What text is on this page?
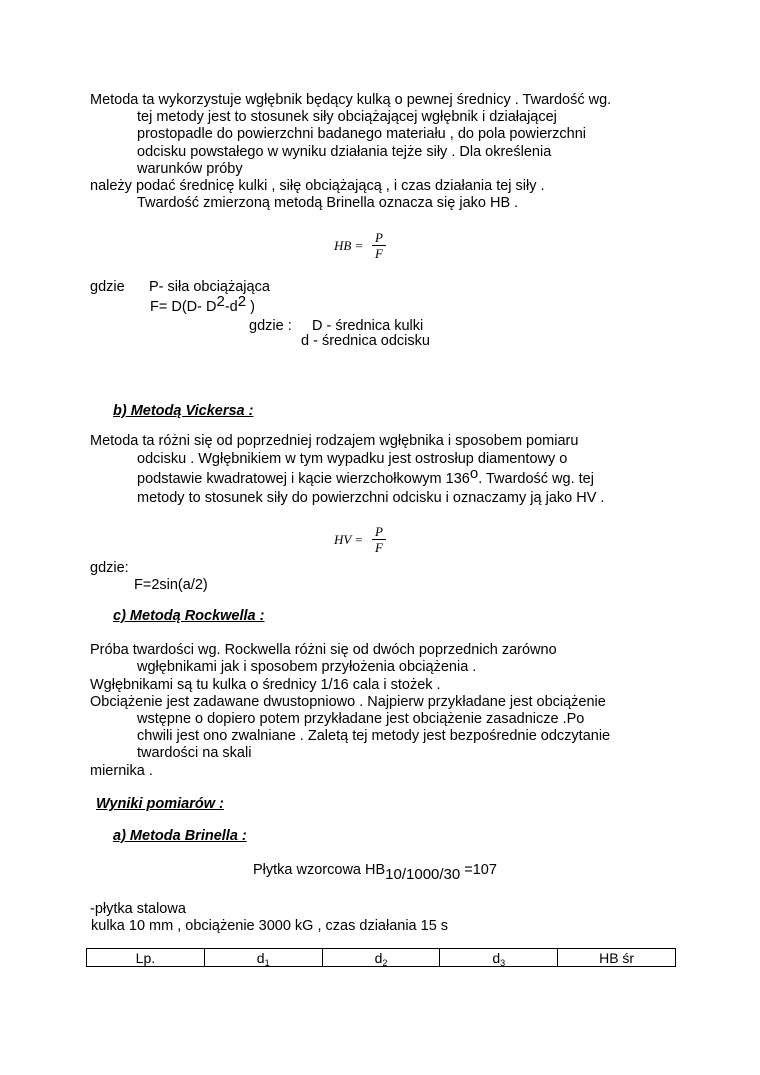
Metoda ta wykorzystuje wgłębnik będący kulką o pewnej średnicy . Twardość wg.
tej metody jest to stosunek siły obciążającej wgłębnik i działającej
prostopadle do powierzchni badanego materiału , do pola powierzchni
odcisku powstałego w wyniku działania tejże siły . Dla określenia
warunków próby
należy podać średnicę kulki , siłę obciążającą , i czas działania tej siły .
Twardość zmierzoną metodą Brinella oznacza się jako HB .
HB = $\frac{P}{F}$
gdzie P- siła obciążająca
F= D(D- $D^2-d^2$ )
gdzie : D - średnica kulki
d - średnica odcisku
b) Metodą Vickersa :
Metoda ta różni się od poprzedniej rodzajem wgłębnika i sposobem pomiaru
odcisku . Wgłębnikiem w tym wypadku jest ostrosłup diamentowy o
podstawie kwadratowej i kącie wierzchołkowym 136$^o$. Twardość wg. tej
metody to stosunek siły do powierzchni odcisku i oznaczamy ją jako HV .
HV = $\frac{P}{F}$
gdzie:
F=2sin(a/2)
c) Metodą Rockwella :
Próba twardości wg. Rockwella różni się od dwóch poprzednich zarówno
wgłębnikami jak i sposobem przyłożenia obciążenia .
Wgłębnikami są tu kulka o średnicy 1/16 cala i stożek .
Obciążenie jest zadawane dwustopniowo . Najpierw przykładane jest obciążenie
wstępne o dopiero potem przykładane jest obciążenie zasadnicze .Po
chwili jest ono zwalniane . Zaletą tej metody jest bezpośrednie odczytanie
twardości na skali
miernika .
Wyniki pomiarów :
a) Metoda Brinella :
Płytka wzorcowa $HB_{10/1000/30} =107$
-płytka stalowa
kulka 10 mm , obciążenie 3000 kG , czas działania 15 s
Lp.	$d_1$	$d_2$	$d_3$	HB śr
